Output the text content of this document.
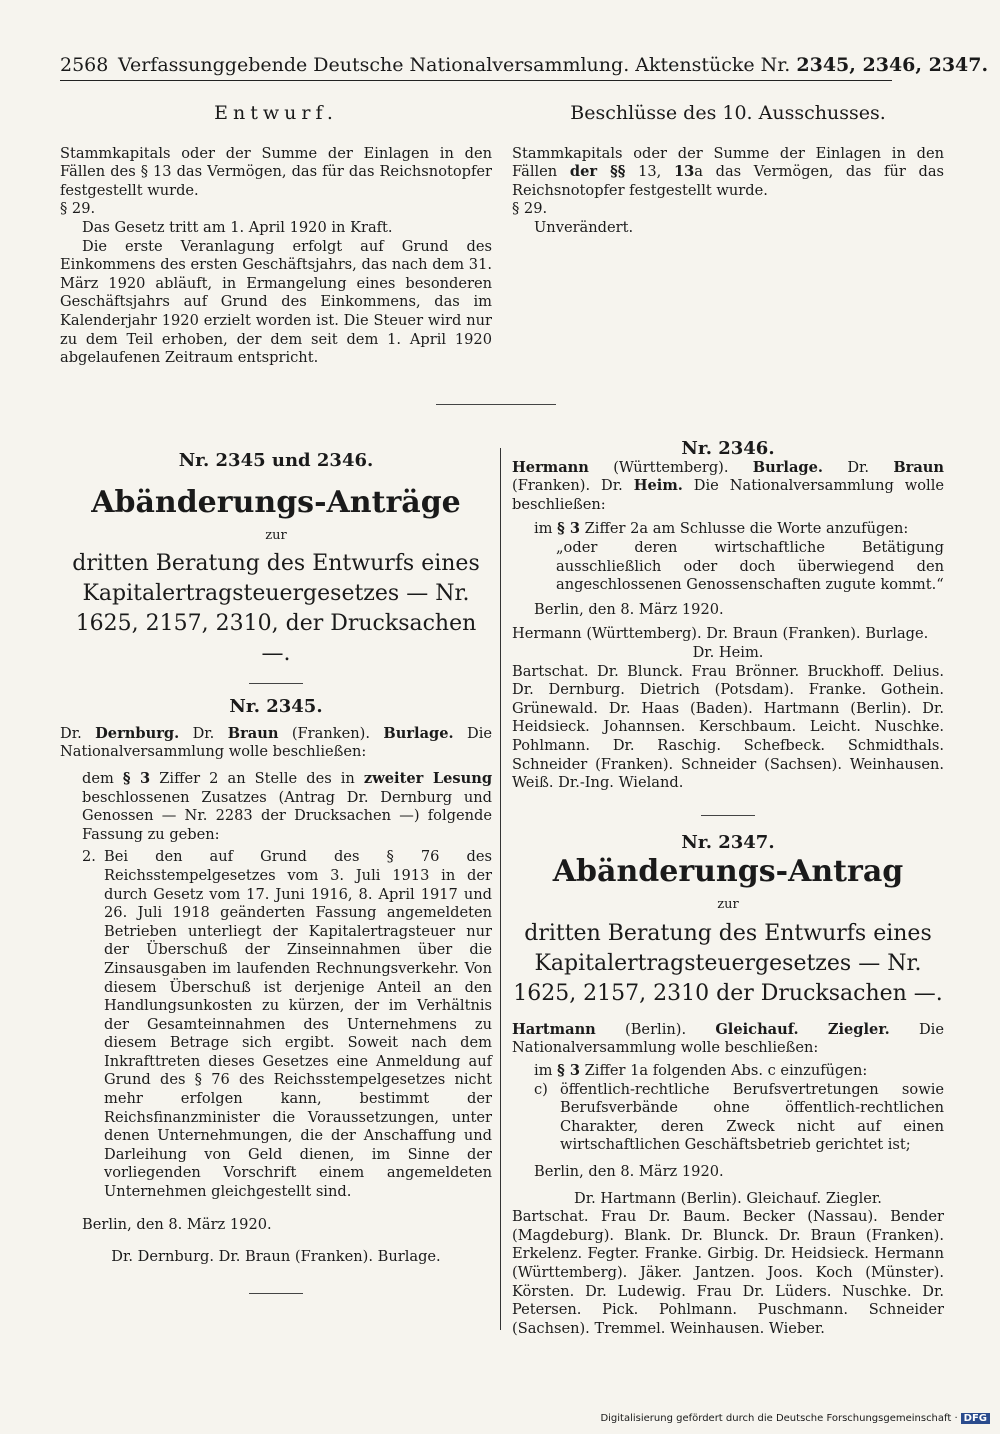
2568 Verfassunggebende Deutsche Nationalversammlung. Aktenstücke Nr. 2345, 2346, 2347.
Entwurf.

Stammkapitals oder der Summe der Einlagen in den Fällen des § 13 das Vermögen, das für das Reichsnotopfer festgestellt wurde.

§ 29.

Das Gesetz tritt am 1. April 1920 in Kraft.

Die erste Veranlagung erfolgt auf Grund des Einkommens des ersten Geschäftsjahrs, das nach dem 31. März 1920 abläuft, in Ermangelung eines besonderen Geschäftsjahrs auf Grund des Einkommens, das im Kalenderjahr 1920 erzielt worden ist. Die Steuer wird nur zu dem Teil erhoben, der dem seit dem 1. April 1920 abgelaufenen Zeitraum entspricht.

Beschlüsse des 10. Ausschusses.

Stammkapitals oder der Summe der Einlagen in den Fällen der §§ 13, 13a das Vermögen, das für das Reichsnotopfer festgestellt wurde.

§ 29.

Unverändert.

Nr. 2345 und 2346.
Abänderungs-Anträge
zur
dritten Beratung des Entwurfs eines Kapitalertragsteuergesetzes — Nr. 1625, 2157, 2310, der Drucksachen —.
Nr. 2345.

Dr. Dernburg. Dr. Braun (Franken). Burlage. Die Nationalversammlung wolle beschließen:

dem § 3 Ziffer 2 an Stelle des in zweiter Lesung beschlossenen Zusatzes (Antrag Dr. Dernburg und Genossen — Nr. 2283 der Drucksachen —) folgende Fassung zu geben:

2. Bei den auf Grund des § 76 des Reichsstempelgesetzes vom 3. Juli 1913 in der durch Gesetz vom 17. Juni 1916, 8. April 1917 und 26. Juli 1918 geänderten Fassung angemeldeten Betrieben unterliegt der Kapitalertragsteuer nur der Überschuß der Zinseinnahmen über die Zinsausgaben im laufenden Rechnungsverkehr. Von diesem Überschuß ist derjenige Anteil an den Handlungsunkosten zu kürzen, der im Verhältnis der Gesamteinnahmen des Unternehmens zu diesem Betrage sich ergibt. Soweit nach dem Inkrafttreten dieses Gesetzes eine Anmeldung auf Grund des § 76 des Reichsstempelgesetzes nicht mehr erfolgen kann, bestimmt der Reichsfinanzminister die Voraussetzungen, unter denen Unternehmungen, die der Anschaffung und Darleihung von Geld dienen, im Sinne der vorliegenden Vorschrift einem angemeldeten Unternehmen gleichgestellt sind.

Berlin, den 8. März 1920.

Dr. Dernburg. Dr. Braun (Franken). Burlage.

Nr. 2346.

Hermann (Württemberg). Burlage. Dr. Braun (Franken). Dr. Heim. Die Nationalversammlung wolle beschließen:

im § 3 Ziffer 2a am Schlusse die Worte anzufügen:

„oder deren wirtschaftliche Betätigung ausschließlich oder doch überwiegend den angeschlossenen Genossenschaften zugute kommt.“

Berlin, den 8. März 1920.

Hermann (Württemberg). Dr. Braun (Franken). Burlage.

Dr. Heim.

Bartschat. Dr. Blunck. Frau Brönner. Bruckhoff. Delius. Dr. Dernburg. Dietrich (Potsdam). Franke. Gothein. Grünewald. Dr. Haas (Baden). Hartmann (Berlin). Dr. Heidsieck. Johannsen. Kerschbaum. Leicht. Nuschke. Pohlmann. Dr. Raschig. Schefbeck. Schmidthals. Schneider (Franken). Schneider (Sachsen). Weinhausen. Weiß. Dr.-Ing. Wieland.

Nr. 2347.
Abänderungs-Antrag
zur
dritten Beratung des Entwurfs eines Kapitalertragsteuergesetzes — Nr. 1625, 2157, 2310 der Drucksachen —.

Hartmann (Berlin). Gleichauf. Ziegler. Die Nationalversammlung wolle beschließen:

im § 3 Ziffer 1a folgenden Abs. c einzufügen:

c) öffentlich-rechtliche Berufsvertretungen sowie Berufsverbände ohne öffentlich-rechtlichen Charakter, deren Zweck nicht auf einen wirtschaftlichen Geschäftsbetrieb gerichtet ist;

Berlin, den 8. März 1920.

Dr. Hartmann (Berlin). Gleichauf. Ziegler.

Bartschat. Frau Dr. Baum. Becker (Nassau). Bender (Magdeburg). Blank. Dr. Blunck. Dr. Braun (Franken). Erkelenz. Fegter. Franke. Girbig. Dr. Heidsieck. Hermann (Württemberg). Jäker. Jantzen. Joos. Koch (Münster). Körsten. Dr. Ludewig. Frau Dr. Lüders. Nuschke. Dr. Petersen. Pick. Pohlmann. Puschmann. Schneider (Sachsen). Tremmel. Weinhausen. Wieber.

Digitalisierung gefördert durch die Deutsche Forschungsgemeinschaft · DFG
